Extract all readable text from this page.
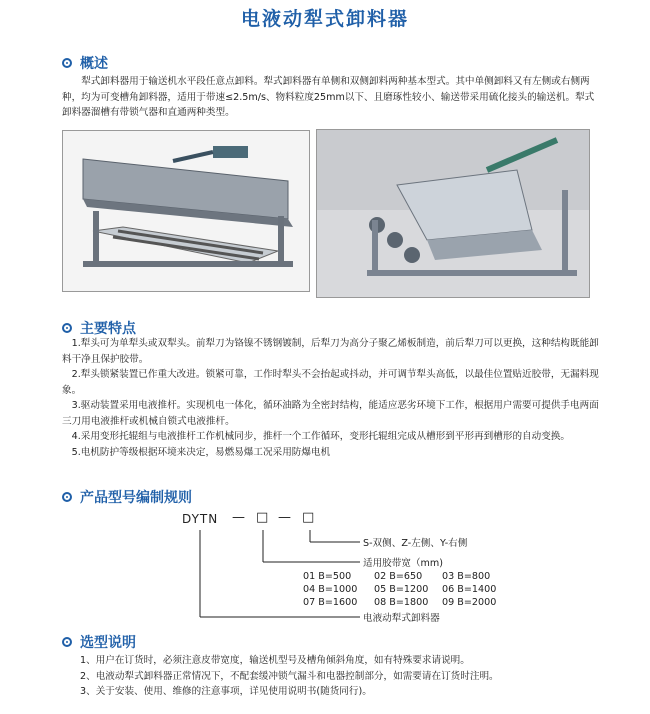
电液动犁式卸料器
概述
犁式卸料器用于输送机水平段任意点卸料。犁式卸料器有单侧和双侧卸料两种基本型式。其中单侧卸料又有左侧或右侧两种，均为可变槽角卸料器，适用于带速≤2.5m/s、物料粒度25mm以下、且磨琢性较小、输送带采用硫化接头的输送机。犁式卸料器溜槽有带锁气器和直通两种类型。
主要特点

1.犁头可为单犁头或双犁头。前犁刀为铬镍不锈钢镀制，后犁刀为高分子聚乙烯板制造，前后犁刀可以更换，这种结构既能卸料干净且保护胶带。

2.犁头锁紧装置已作重大改进。锁紧可靠，工作时犁头不会抬起或抖动，并可调节犁头高低，以最佳位置贴近胶带，无漏料现象。

3.驱动装置采用电液推杆。实现机电一体化，循环油路为全密封结构，能适应恶劣环境下工作，根据用户需要可提供手电两面三刀用电液推杆或机械自锁式电液推杆。

4.采用变形托辊组与电液推杆工作机械同步，推杆一个工作循环，变形托辊组完成从槽形到平形再到槽形的自动变换。

5.电机防护等级根据环境来决定，易燃易爆工况采用防爆电机

产品型号编制规则
DYTN — □ — □
S-双侧、Z-左侧、Y-右侧
适用胶带宽（mm)
01 B=500 02 B=650 03 B=800
04 B=1000 05 B=1200 06 B=1400
07 B=1600 08 B=1800 09 B=2000
电液动犁式卸料器
选型说明

1、用户在订货时，必须注意皮带宽度，输送机型号及槽角倾斜角度，如有特殊要求请说明。

2、电液动犁式卸料器正常情况下，不配套缓冲锁气漏斗和电器控制部分，如需要请在订货时注明。

3、关于安装、使用、维修的注意事项，详见使用说明书(随货同行)。
